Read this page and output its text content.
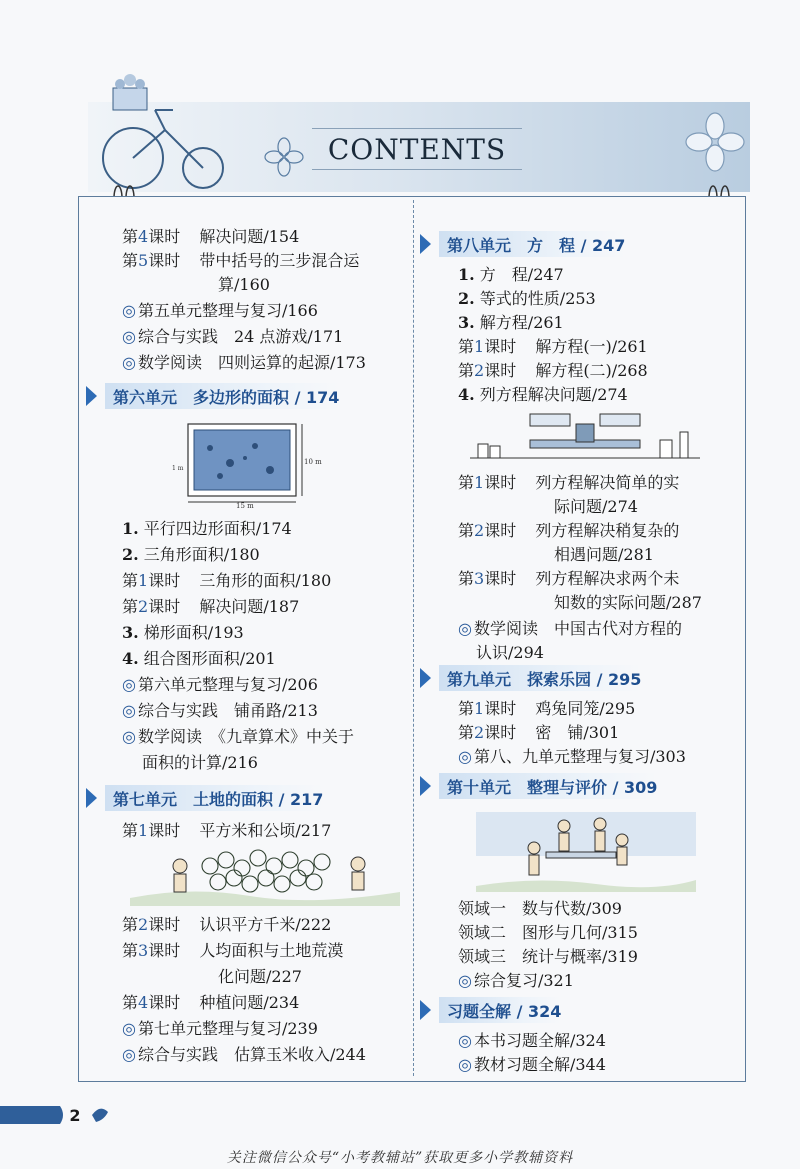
CONTENTS
第4课时 解决问题/154
第5课时 带中括号的三步混合运
算/160
◎ 第五单元整理与复习/166
◎ 综合与实践　24 点游戏/171
◎ 数学阅读　四则运算的起源/173
第六单元　多边形的面积 / 174
10 m
15 m
1 m
1. 平行四边形面积/174
2. 三角形面积/180
第1课时 三角形的面积/180
第2课时 解决问题/187
3. 梯形面积/193
4. 组合图形面积/201
◎ 第六单元整理与复习/206
◎ 综合与实践　铺甬路/213
◎ 数学阅读　《九章算术》中关于
面积的计算/216
第七单元　土地的面积 / 217
第1课时 平方米和公顷/217
第2课时 认识平方千米/222
第3课时 人均面积与土地荒漠
化问题/227
第4课时 种植问题/234
◎ 第七单元整理与复习/239
◎ 综合与实践　估算玉米收入/244
第八单元　方　程 / 247
1. 方　程/247
2. 等式的性质/253
3. 解方程/261
第1课时 解方程(一)/261
第2课时 解方程(二)/268
4. 列方程解决问题/274
第1课时 列方程解决简单的实
际问题/274
第2课时 列方程解决稍复杂的
相遇问题/281
第3课时 列方程解决求两个未
知数的实际问题/287
◎ 数学阅读　中国古代对方程的
认识/294
第九单元　探索乐园 / 295
第1课时 鸡兔同笼/295
第2课时 密　铺/301
◎ 第八、九单元整理与复习/303
第十单元　整理与评价 / 309
领域一　数与代数/309
领域二　图形与几何/315
领域三　统计与概率/319
◎ 综合复习/321
习题全解 / 324
◎ 本书习题全解/324
◎ 教材习题全解/344
2
关注微信公众号“小考教辅站”获取更多小学教辅资料
